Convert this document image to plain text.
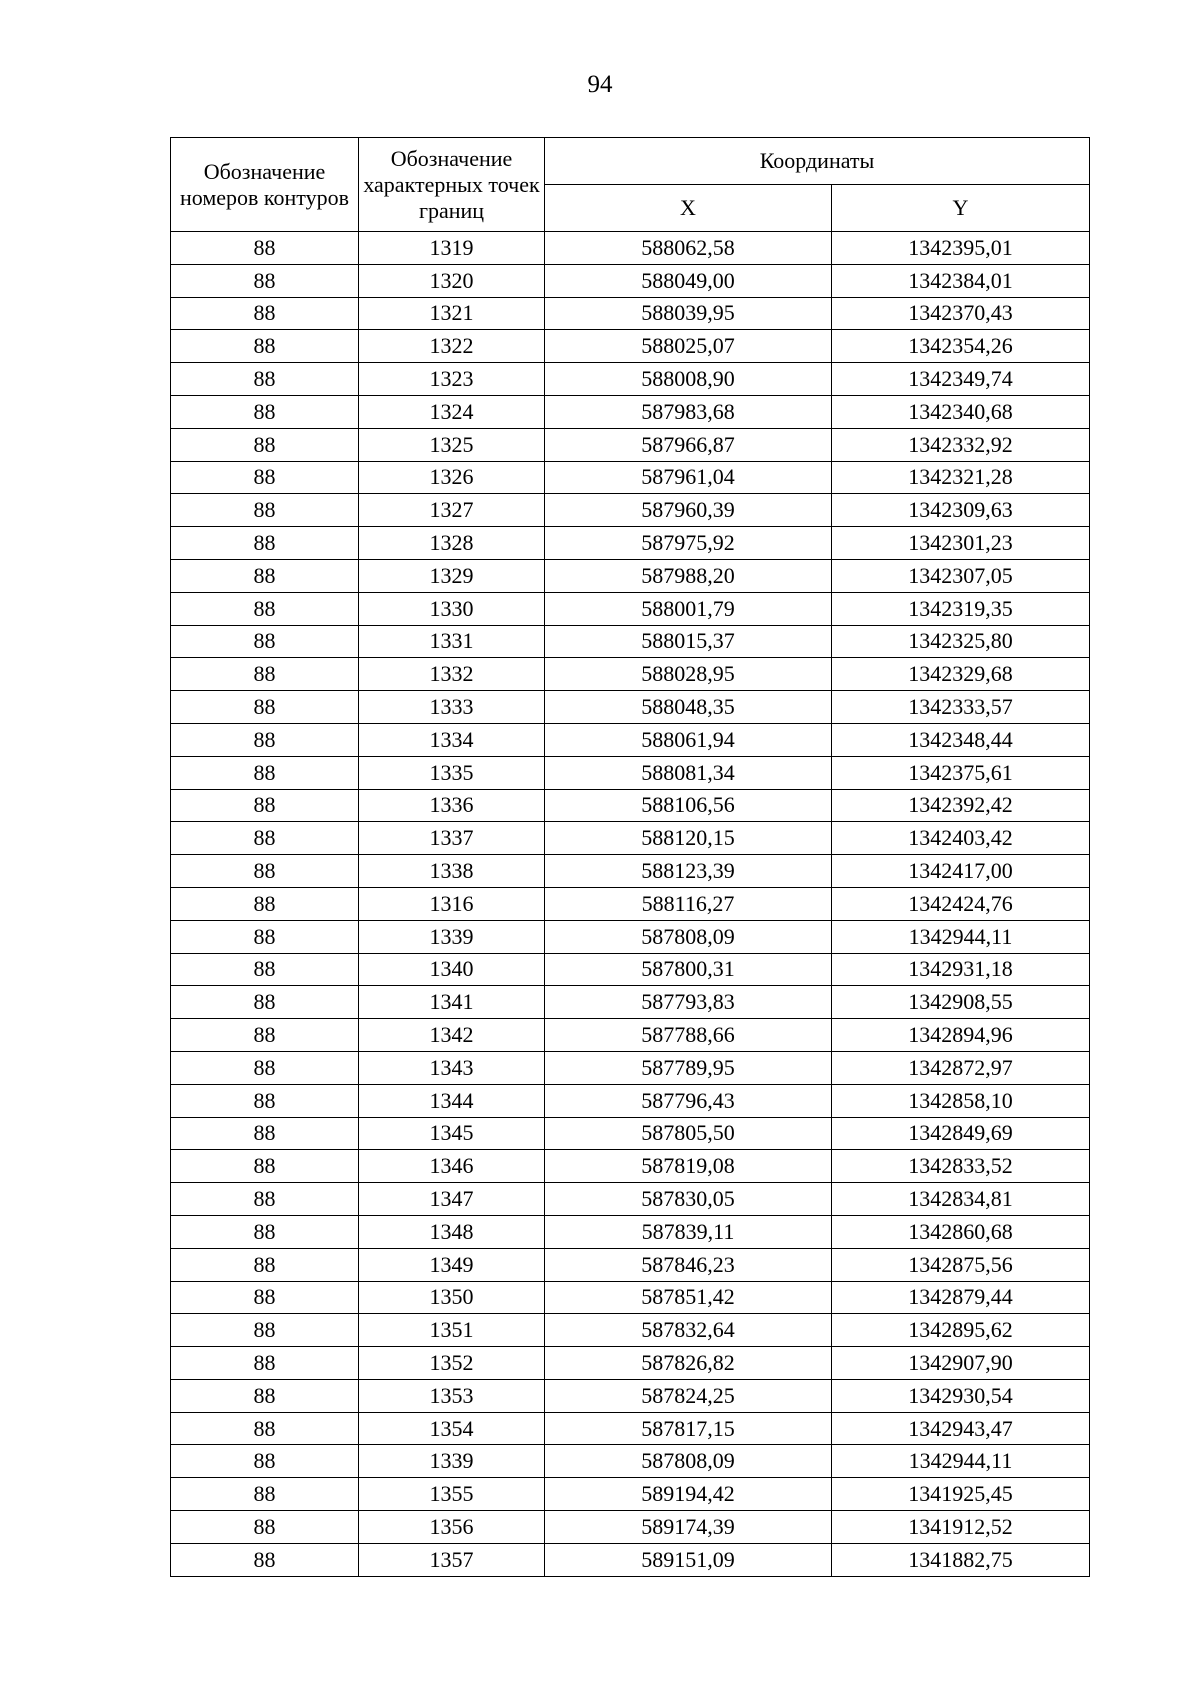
94
Обозначение номеров контуров	Обозначение характерных точек границ	Координаты	
		X	Y
88	1319	588062,58	1342395,01
88	1320	588049,00	1342384,01
88	1321	588039,95	1342370,43
88	1322	588025,07	1342354,26
88	1323	588008,90	1342349,74
88	1324	587983,68	1342340,68
88	1325	587966,87	1342332,92
88	1326	587961,04	1342321,28
88	1327	587960,39	1342309,63
88	1328	587975,92	1342301,23
88	1329	587988,20	1342307,05
88	1330	588001,79	1342319,35
88	1331	588015,37	1342325,80
88	1332	588028,95	1342329,68
88	1333	588048,35	1342333,57
88	1334	588061,94	1342348,44
88	1335	588081,34	1342375,61
88	1336	588106,56	1342392,42
88	1337	588120,15	1342403,42
88	1338	588123,39	1342417,00
88	1316	588116,27	1342424,76
88	1339	587808,09	1342944,11
88	1340	587800,31	1342931,18
88	1341	587793,83	1342908,55
88	1342	587788,66	1342894,96
88	1343	587789,95	1342872,97
88	1344	587796,43	1342858,10
88	1345	587805,50	1342849,69
88	1346	587819,08	1342833,52
88	1347	587830,05	1342834,81
88	1348	587839,11	1342860,68
88	1349	587846,23	1342875,56
88	1350	587851,42	1342879,44
88	1351	587832,64	1342895,62
88	1352	587826,82	1342907,90
88	1353	587824,25	1342930,54
88	1354	587817,15	1342943,47
88	1339	587808,09	1342944,11
88	1355	589194,42	1341925,45
88	1356	589174,39	1341912,52
88	1357	589151,09	1341882,75
